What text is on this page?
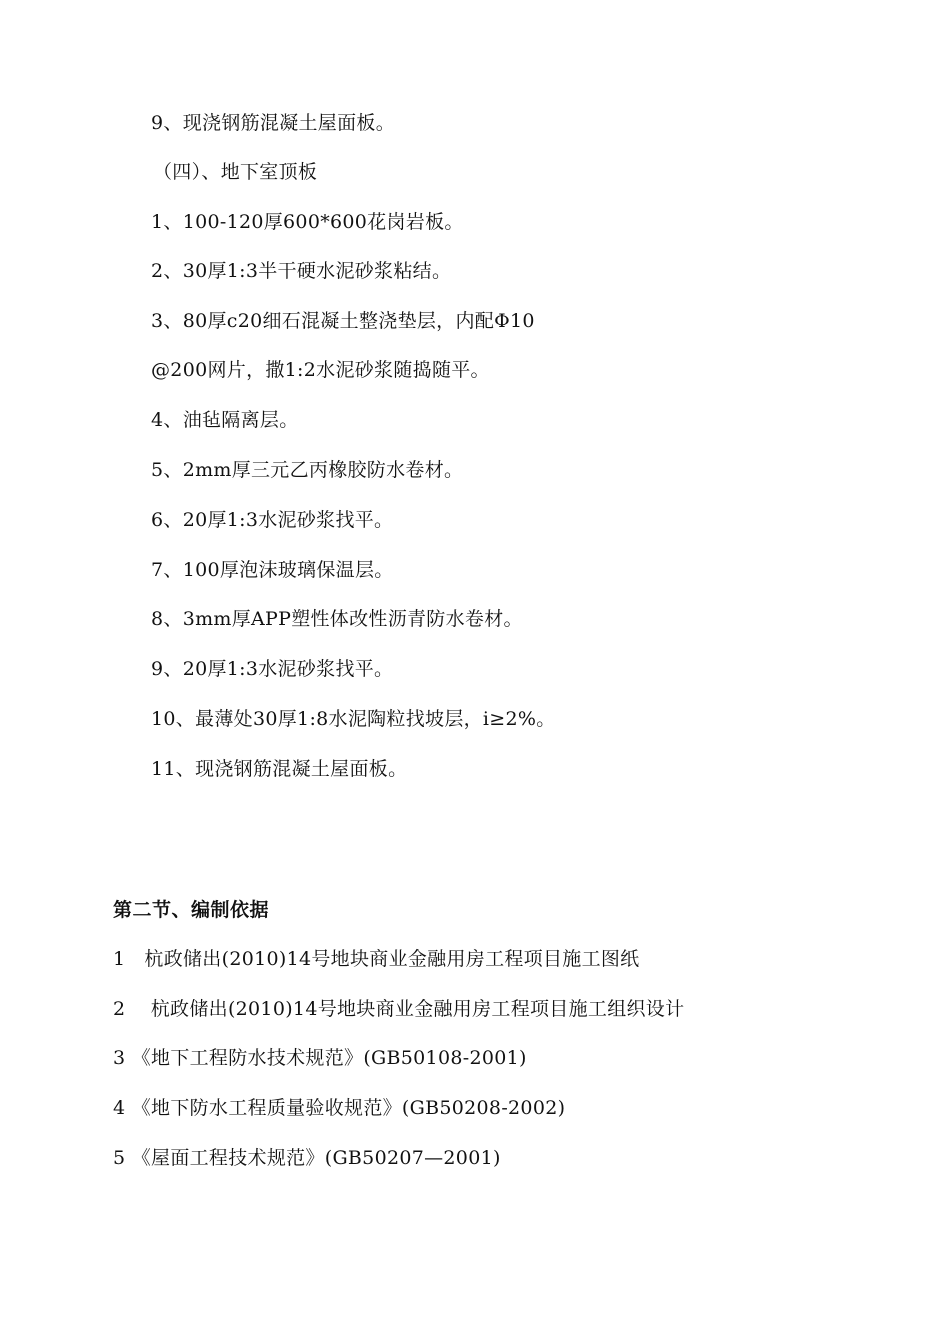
9、现浇钢筋混凝土屋面板。
（四）、地下室顶板
1、100-120厚600*600花岗岩板。
2、30厚1:3半干硬水泥砂浆粘结。
3、80厚c20细石混凝土整浇垫层，内配Φ10
@200网片，撒1:2水泥砂浆随捣随平。
4、油毡隔离层。
5、2mm厚三元乙丙橡胶防水卷材。
6、20厚1:3水泥砂浆找平。
7、100厚泡沫玻璃保温层。
8、3mm厚APP塑性体改性沥青防水卷材。
9、20厚1:3水泥砂浆找平。
10、最薄处30厚1:8水泥陶粒找坡层，i≥2%。
11、现浇钢筋混凝土屋面板。
第二节、编制依据
1   杭政储出(2010)14号地块商业金融用房工程项目施工图纸
2    杭政储出(2010)14号地块商业金融用房工程项目施工组织设计
3 《地下工程防水技术规范》(GB50108-2001)
4 《地下防水工程质量验收规范》(GB50208-2002)
5 《屋面工程技术规范》(GB50207—2001)
